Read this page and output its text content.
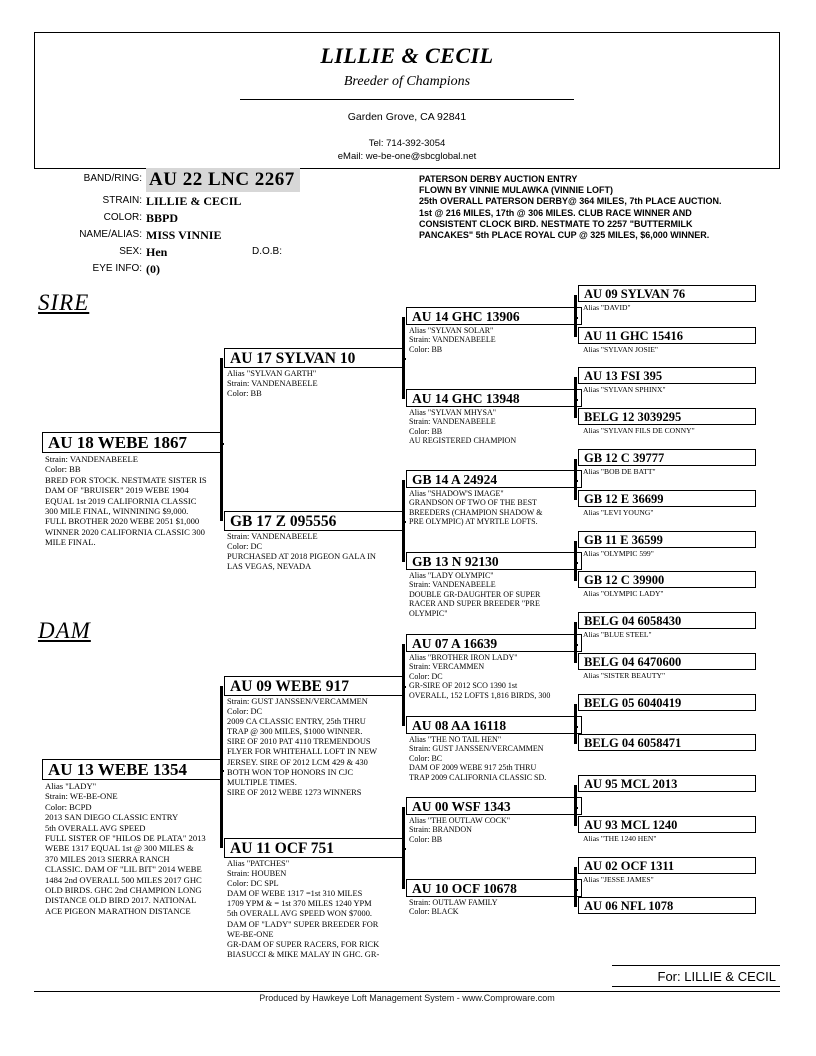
LILLIE & CECIL
Breeder of Champions
Garden Grove, CA 92841
Tel: 714-392-3054
eMail: we-be-one@sbcglobal.net
BAND/RING: AU 22 LNC 2267
STRAIN: LILLIE & CECIL
COLOR: BBPD
NAME/ALIAS: MISS VINNIE
SEX: Hen	D.O.B:
EYE INFO: (0)
PATERSON DERBY AUCTION ENTRY
FLOWN BY VINNIE MULAWKA (VINNIE LOFT)
25th OVERALL PATERSON DERBY@ 364 MILES, 7th PLACE AUCTION.
1st @ 216 MILES, 17th @ 306 MILES. CLUB RACE WINNER AND
CONSISTENT CLOCK BIRD. NESTMATE TO 2257 "BUTTERMILK
PANCAKES" 5th PLACE ROYAL CUP @ 325 MILES, $6,000 WINNER.
SIRE
DAM
AU 18 WEBE 1867
Strain: VANDENABEELE
Color: BB
BRED FOR STOCK. NESTMATE SISTER IS
DAM OF "BRUISER" 2019 WEBE 1904
EQUAL 1st 2019 CALIFORNIA CLASSIC
300 MILE FINAL, WINNINING $9,000.
FULL BROTHER 2020 WEBE 2051 $1,000
WINNER 2020 CALIFORNIA CLASSIC 300
MILE FINAL.
AU 17 SYLVAN 10
Alias "SYLVAN GARTH"
Strain: VANDENABEELE
Color: BB
GB 17 Z 095556
Strain: VANDENABEELE
Color: DC
PURCHASED AT 2018 PIGEON GALA IN
LAS VEGAS, NEVADA
AU 14 GHC 13906
Alias "SYLVAN SOLAR"
Strain: VANDENABEELE
Color: BB
AU 14 GHC 13948
Alias "SYLVAN MHYSA"
Strain: VANDENABEELE
Color: BB
AU REGISTERED CHAMPION
GB 14 A 24924
Alias "SHADOW'S IMAGE"
GRANDSON OF TWO OF THE BEST
BREEDERS (CHAMPION SHADOW &
PRE OLYMPIC) AT MYRTLE LOFTS.
GB 13 N 92130
Alias "LADY OLYMPIC"
Strain: VANDENABEELE
DOUBLE GR-DAUGHTER OF SUPER
RACER AND SUPER BREEDER "PRE
OLYMPIC"
AU 09 SYLVAN 76
Alias "DAVID"
AU 11 GHC 15416
Alias "SYLVAN JOSIE"
AU 13 FSI 395
Alias "SYLVAN SPHINX"
BELG 12 3039295
Alias "SYLVAN FILS DE CONNY"
GB 12 C 39777
Alias "BOB DE BATT"
GB 12 E 36699
Alias "LEVI YOUNG"
GB 11 E 36599
Alias "OLYMPIC 599"
GB 12 C 39900
Alias "OLYMPIC LADY"
AU 13 WEBE 1354
Alias "LADY"
Strain: WE-BE-ONE
Color: BCPD
2013 SAN DIEGO CLASSIC ENTRY
5th OVERALL AVG SPEED
FULL SISTER OF "HILOS DE PLATA" 2013
WEBE 1317 EQUAL 1st @ 300 MILES &
370 MILES 2013 SIERRA RANCH
CLASSIC. DAM OF "LIL BIT" 2014 WEBE
1484 2nd OVERALL 500 MILES 2017 GHC
OLD BIRDS. GHC 2nd CHAMPION LONG
DISTANCE OLD BIRD 2017. NATIONAL
ACE PIGEON MARATHON DISTANCE
AU 09 WEBE 917
Strain: GUST JANSSEN/VERCAMMEN
Color: DC
2009 CA CLASSIC ENTRY, 25th THRU
TRAP @ 300 MILES, $1000 WINNER.
SIRE OF 2010 PAT 4110 TREMENDOUS
FLYER FOR WHITEHALL LOFT IN NEW
JERSEY. SIRE OF 2012 LCM 429 & 430
BOTH WON TOP HONORS IN CJC
MULTIPLE TIMES.
SIRE OF 2012 WEBE 1273 WINNERS
AU 11 OCF 751
Alias "PATCHES"
Strain: HOUBEN
Color: DC SPL
DAM OF WEBE 1317 =1st 310 MILES
1709 YPM & = 1st 370 MILES 1240 YPM
5th OVERALL AVG SPEED WON $7000.
DAM OF "LADY" SUPER BREEDER FOR
WE-BE-ONE
GR-DAM OF SUPER RACERS, FOR RICK
BIASUCCI & MIKE MALAY IN GHC. GR-
AU 07 A 16639
Alias "BROTHER IRON LADY"
Strain: VERCAMMEN
Color: DC
GR-SIRE OF 2012 SCO 1390 1st
OVERALL, 152 LOFTS 1,816 BIRDS, 300
AU 08 AA 16118
Alias "THE NO TAIL HEN"
Strain: GUST JANSSEN/VERCAMMEN
Color: BC
DAM OF 2009 WEBE 917 25th THRU
TRAP 2009 CALIFORNIA CLASSIC SD.
AU 00 WSF 1343
Alias "THE OUTLAW COCK"
Strain: BRANDON
Color: BB
AU 10 OCF 10678
Strain: OUTLAW FAMILY
Color: BLACK
BELG 04 6058430
Alias "BLUE STEEL"
BELG 04 6470600
Alias "SISTER BEAUTY"
BELG 05 6040419
BELG 04 6058471
AU 95 MCL 2013
AU 93 MCL 1240
Alias "THE 1240 HEN"
AU 02 OCF 1311
Alias "JESSE JAMES"
AU 06 NFL 1078
For: LILLIE & CECIL
Produced by Hawkeye Loft Management System - www.Comproware.com
